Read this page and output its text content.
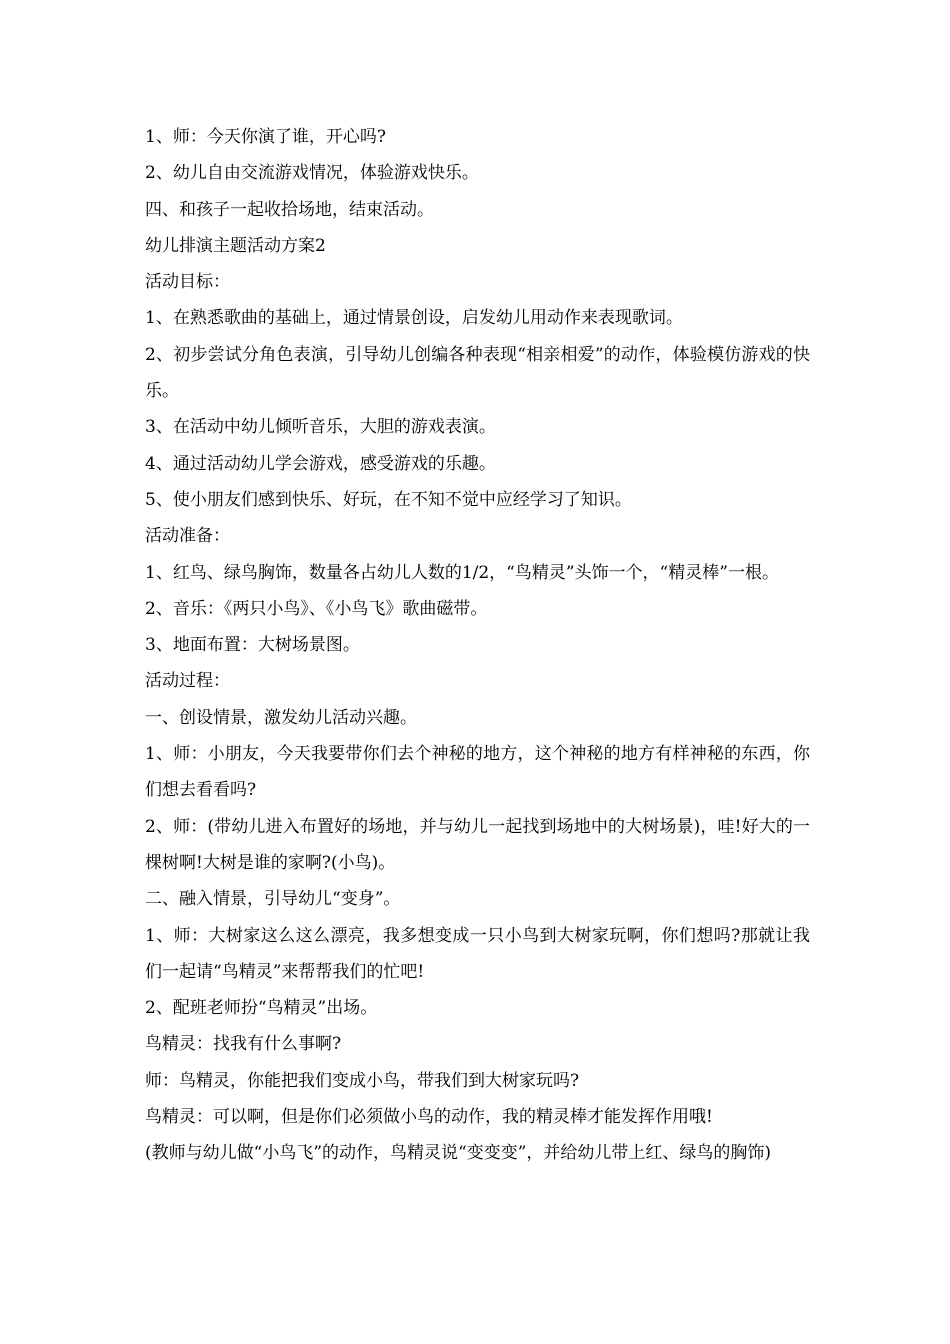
1、师：今天你演了谁，开心吗?
2、幼儿自由交流游戏情况，体验游戏快乐。
四、和孩子一起收拾场地，结束活动。
幼儿排演主题活动方案2
活动目标：
1、在熟悉歌曲的基础上，通过情景创设，启发幼儿用动作来表现歌词。
2、初步尝试分角色表演，引导幼儿创编各种表现“相亲相爱”的动作，体验模仿游戏的快乐。
3、在活动中幼儿倾听音乐，大胆的游戏表演。
4、通过活动幼儿学会游戏，感受游戏的乐趣。
5、使小朋友们感到快乐、好玩，在不知不觉中应经学习了知识。
活动准备：
1、红鸟、绿鸟胸饰，数量各占幼儿人数的1/2，“鸟精灵”头饰一个，“精灵棒”一根。
2、音乐：《两只小鸟》、《小鸟飞》歌曲磁带。
3、地面布置：大树场景图。
活动过程：
一、创设情景，激发幼儿活动兴趣。
1、师：小朋友，今天我要带你们去个神秘的地方，这个神秘的地方有样神秘的东西，你们想去看看吗?
2、师：(带幼儿进入布置好的场地，并与幼儿一起找到场地中的大树场景)，哇!好大的一棵树啊!大树是谁的家啊?(小鸟)。
二、融入情景，引导幼儿“变身”。
1、师：大树家这么这么漂亮，我多想变成一只小鸟到大树家玩啊，你们想吗?那就让我们一起请“鸟精灵”来帮帮我们的忙吧!
2、配班老师扮“鸟精灵”出场。
鸟精灵：找我有什么事啊?
师：鸟精灵，你能把我们变成小鸟，带我们到大树家玩吗?
鸟精灵：可以啊，但是你们必须做小鸟的动作，我的精灵棒才能发挥作用哦!
(教师与幼儿做“小鸟飞”的动作，鸟精灵说“变变变”，并给幼儿带上红、绿鸟的胸饰)
